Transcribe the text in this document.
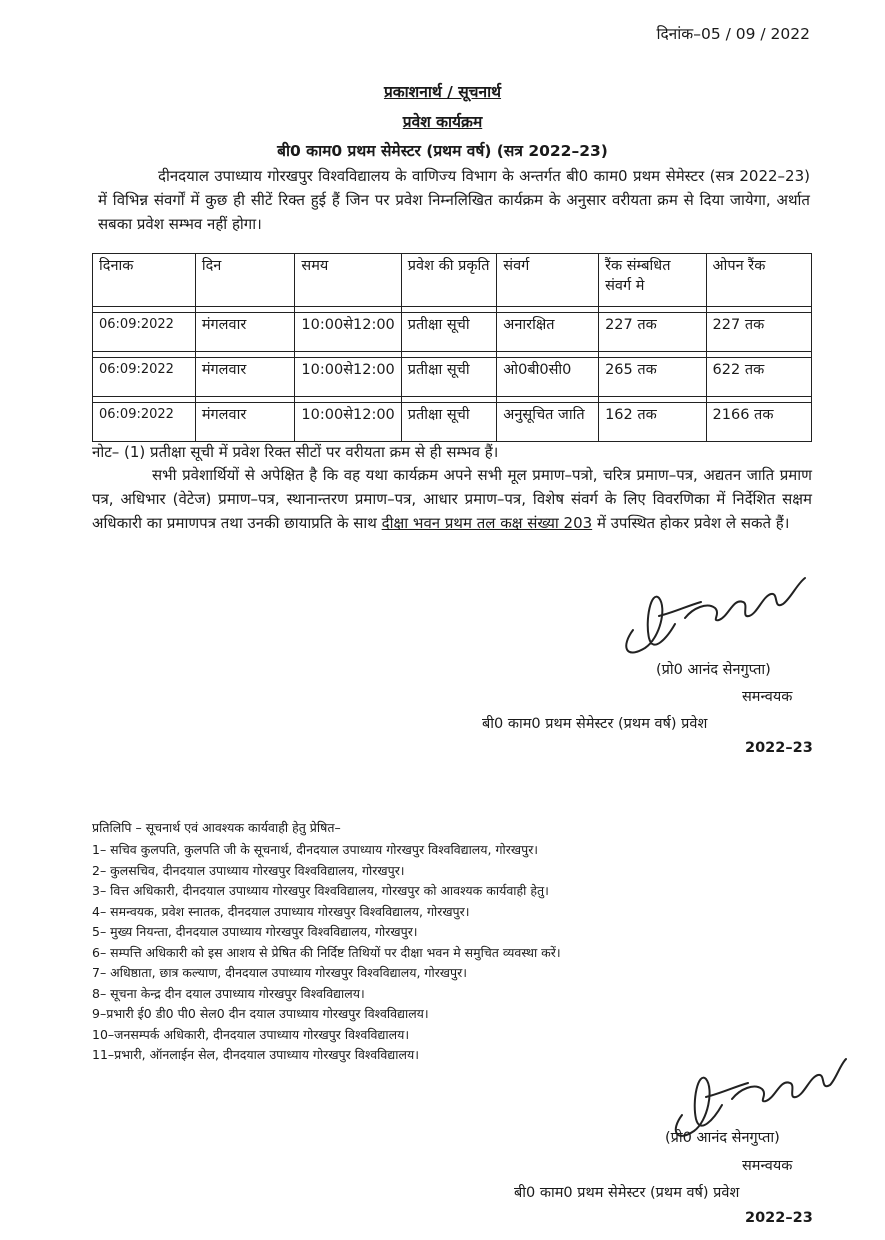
दिनांक–05 / 09 / 2022
प्रकाशनार्थ / सूचनार्थ
प्रवेश कार्यक्रम
बी0 काम0 प्रथम सेमेस्टर (प्रथम वर्ष) (सत्र 2022–23)
दीनदयाल उपाध्याय गोरखपुर विश्वविद्यालय के वाणिज्य विभाग के अन्तर्गत बी0 काम0 प्रथम सेमेस्टर (सत्र 2022–23) में विभिन्न संवर्गों में कुछ ही सीटें रिक्त हुई हैं जिन पर प्रवेश निम्नलिखित कार्यक्रम के अनुसार वरीयता क्रम से दिया जायेगा, अर्थात सबका प्रवेश सम्भव नहीं होगा।
दिनाक	दिन	समय	प्रवेश की प्रकृति	संवर्ग	रैंक संम्बधित संवर्ग मे	ओपन रैंक

06:09:2022	मंगलवार	10:00से12:00	प्रतीक्षा सूची	अनारक्षित	227 तक	227 तक

06:09:2022	मंगलवार	10:00से12:00	प्रतीक्षा सूची	ओ0बी0सी0	265 तक	622 तक

06:09:2022	मंगलवार	10:00से12:00	प्रतीक्षा सूची	अनुसूचित जाति	162 तक	2166 तक
नोट– (1) प्रतीक्षा सूची में प्रवेश रिक्त सीटों पर वरीयता क्रम से ही सम्भव हैं।
सभी प्रवेशार्थियों से अपेक्षित है कि वह यथा कार्यक्रम अपने सभी मूल प्रमाण–पत्रो, चरित्र प्रमाण–पत्र, अद्यतन जाति प्रमाण पत्र, अधिभार (वेटेज) प्रमाण–पत्र, स्थानान्तरण प्रमाण–पत्र, आधार प्रमाण–पत्र, विशेष संवर्ग के लिए विवरणिका में निर्देशित सक्षम अधिकारी का प्रमाणपत्र तथा उनकी छायाप्रति के साथ दीक्षा भवन प्रथम तल कक्ष संख्या 203 में उपस्थित होकर प्रवेश ले सकते हैं।
(प्रो0 आनंद सेनगुप्ता)
समन्वयक
बी0 काम0 प्रथम सेमेस्टर (प्रथम वर्ष) प्रवेश
2022–23
प्रतिलिपि – सूचनार्थ एवं आवश्यक कार्यवाही हेतु प्रेषित–
1– सचिव कुलपति, कुलपति जी के सूचनार्थ, दीनदयाल उपाध्याय गोरखपुर विश्वविद्यालय, गोरखपुर।
2– कुलसचिव, दीनदयाल उपाध्याय गोरखपुर विश्वविद्यालय, गोरखपुर।
3– वित्त अधिकारी, दीनदयाल उपाध्याय गोरखपुर विश्वविद्यालय, गोरखपुर को आवश्यक कार्यवाही हेतु।
4– समन्वयक, प्रवेश स्नातक, दीनदयाल उपाध्याय गोरखपुर विश्वविद्यालय, गोरखपुर।
5– मुख्य नियन्ता, दीनदयाल उपाध्याय गोरखपुर विश्वविद्यालय, गोरखपुर।
6– सम्पत्ति अधिकारी को इस आशय से प्रेषित की निर्दिष्ट तिथियों पर दीक्षा भवन मे समुचित व्यवस्था करें।
7– अधिष्ठाता, छात्र कल्याण, दीनदयाल उपाध्याय गोरखपुर विश्वविद्यालय, गोरखपुर।
8– सूचना केन्द्र दीन दयाल उपाध्याय गोरखपुर विश्वविद्यालय।
9–प्रभारी ई0 डी0 पी0 सेल0 दीन दयाल उपाध्याय गोरखपुर विश्वविद्यालय।
10–जनसम्पर्क अधिकारी, दीनदयाल उपाध्याय गोरखपुर विश्वविद्यालय।
11–प्रभारी, ऑनलाईन सेल, दीनदयाल उपाध्याय गोरखपुर विश्वविद्यालय।
(प्रो0 आनंद सेनगुप्ता)
समन्वयक
बी0 काम0 प्रथम सेमेस्टर (प्रथम वर्ष) प्रवेश
2022–23
